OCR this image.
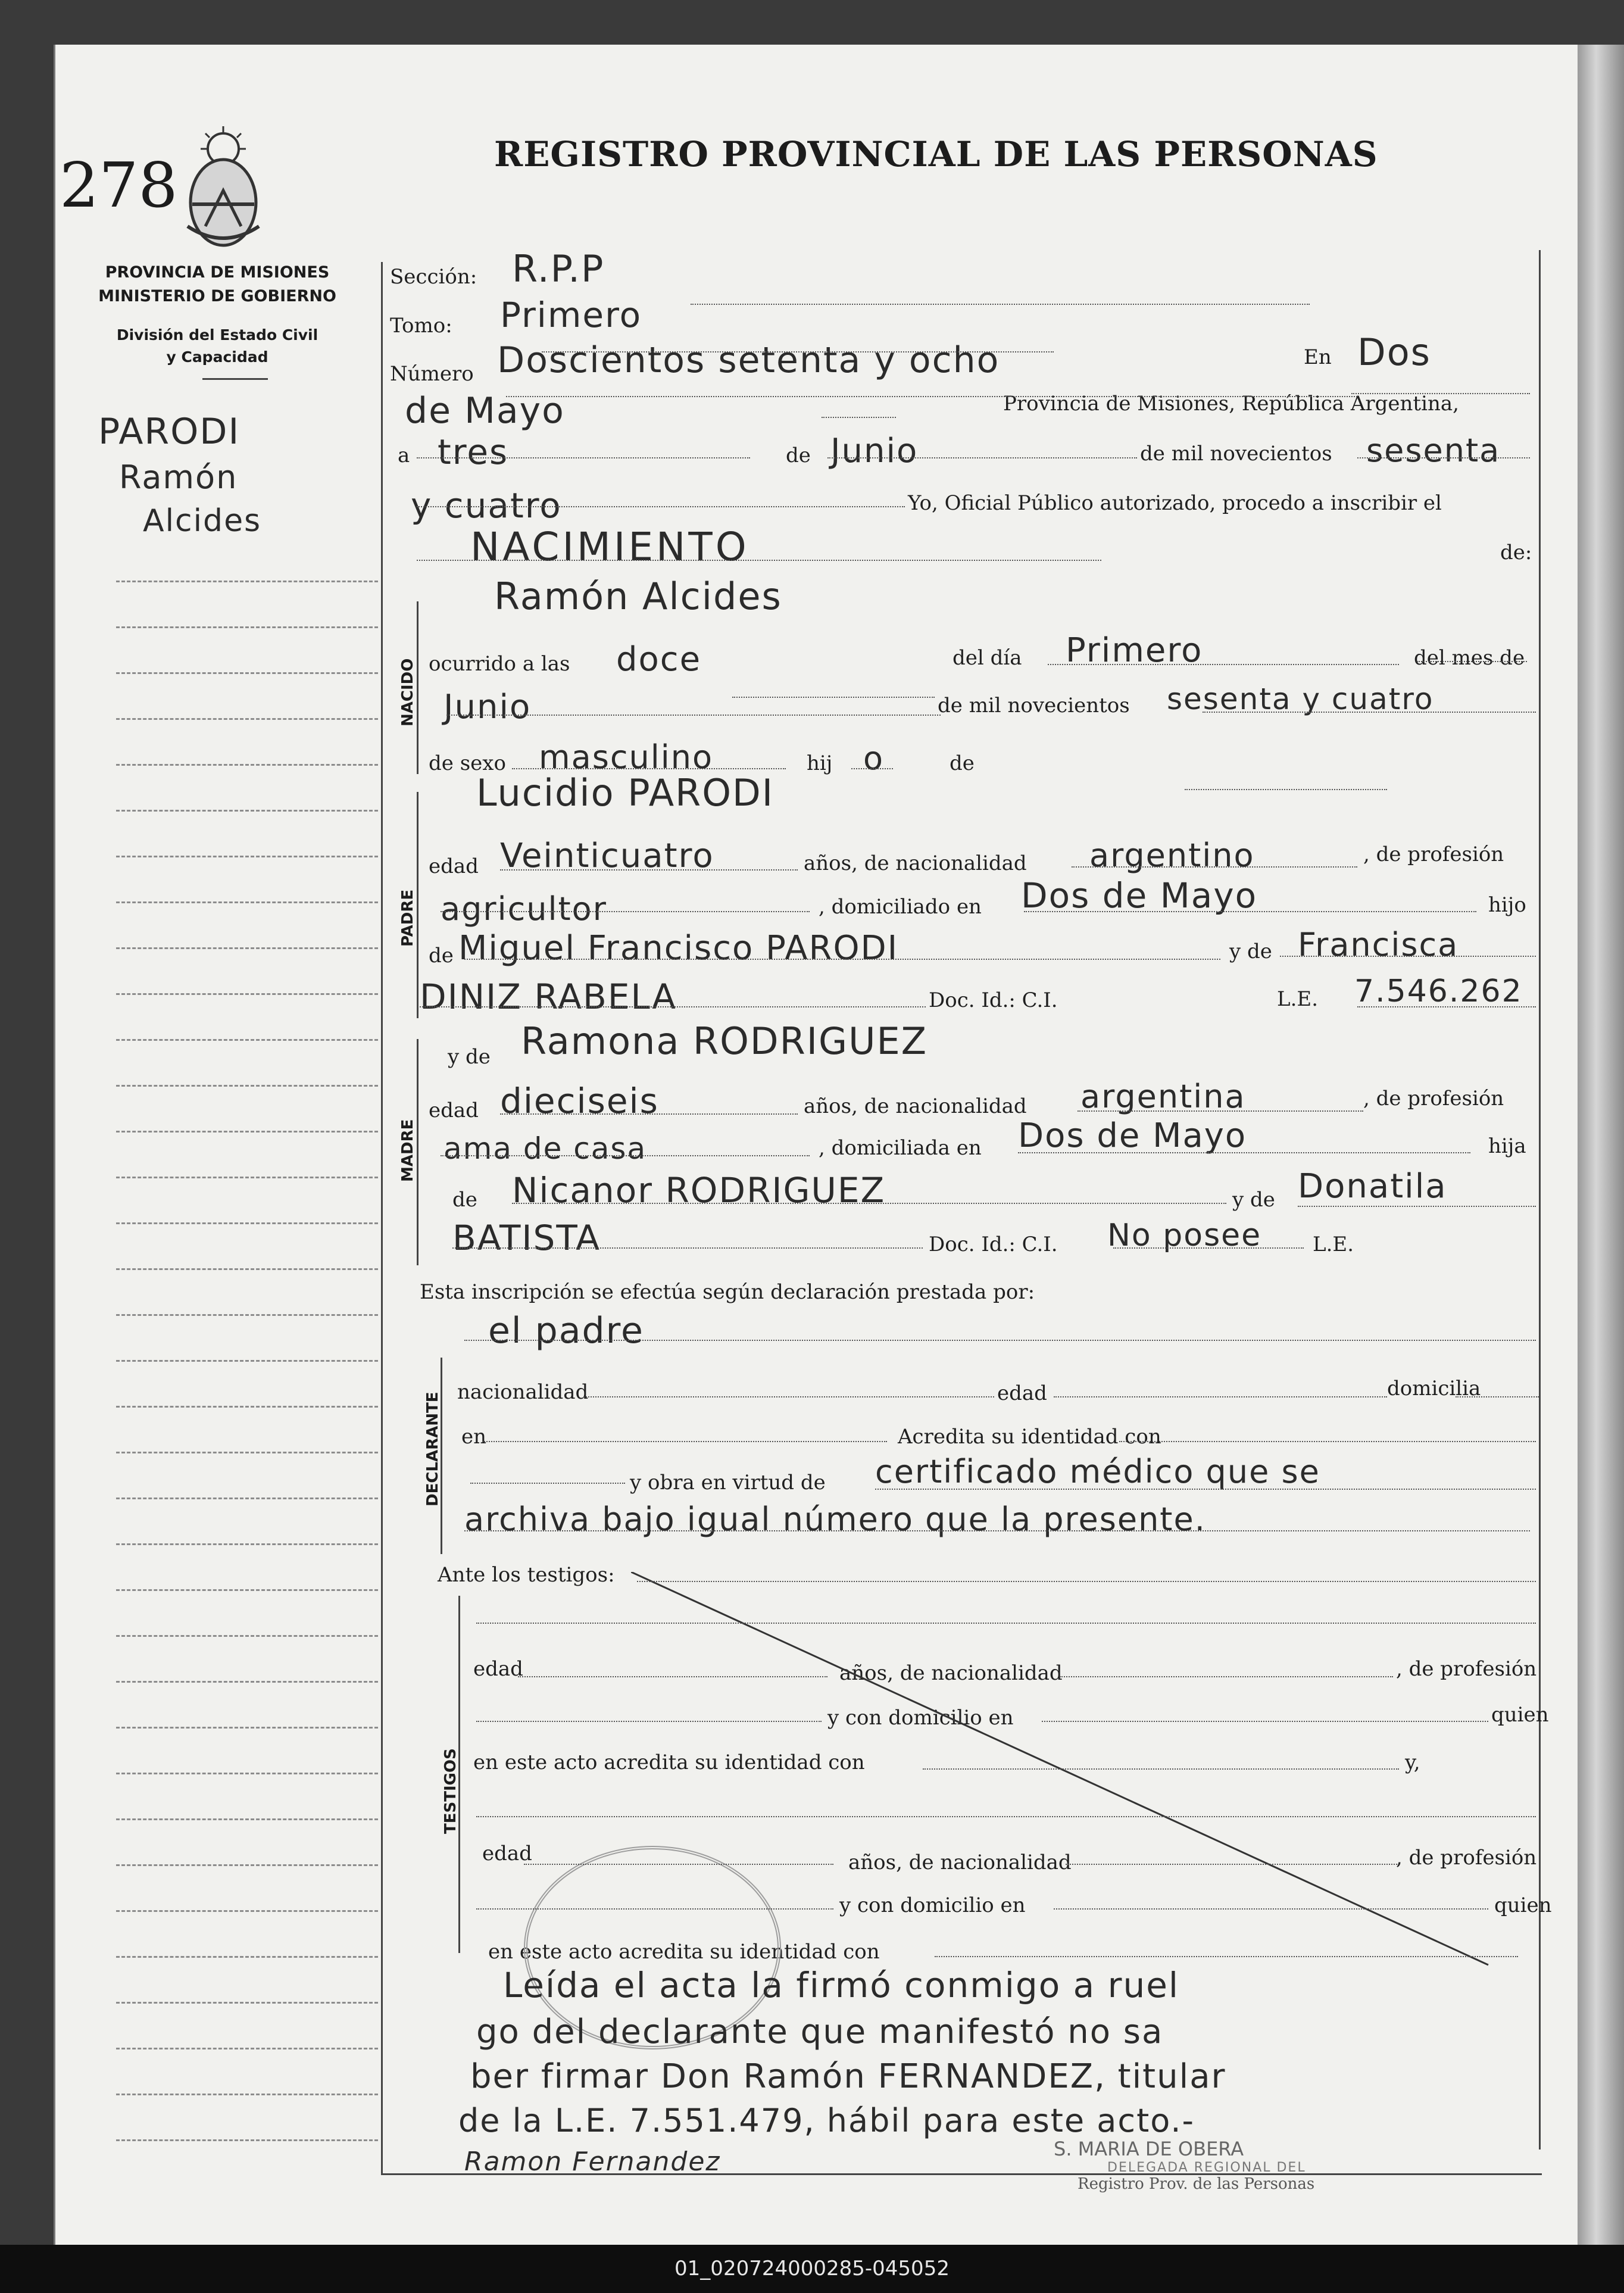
278	REGISTRO PROVINCIAL DE LAS PERSONAS
PROVINCIA DE MISIONES
MINISTERIO DE GOBIERNO
División del Estado Civil
y Capacidad
PARODI
Ramón
Alcides
NACIDO
PADRE
MADRE
DECLARANTE
TESTIGOS
Sección: R.P.P
Tomo: Primero
Número Doscientos setenta y ocho	En Dos
de Mayo	Provincia de Misiones, República Argentina,
a tres	de Junio	de mil novecientos sesenta
y cuatro	Yo, Oficial Público autorizado, procedo a inscribir el
NACIMIENTO	de:
Ramón Alcides
ocurrido a las doce	del día Primero	del mes de
Junio	de mil novecientos sesenta y cuatro
de sexo masculino	hij o	de
Lucidio PARODI
edad Veinticuatro	años, de nacionalidad argentino	, de profesión
agricultor	, domiciliado en Dos de Mayo	hijo
de Miguel Francisco PARODI	y de Francisca
DINIZ RABELA	Doc. Id.: C.I.	L.E. 7.546.262
y de Ramona RODRIGUEZ
edad dieciseis	años, de nacionalidad argentina	, de profesión
ama de casa	, domiciliada en Dos de Mayo	hija
de Nicanor RODRIGUEZ	y de Donatila
BATISTA	Doc. Id.: C.I. No posee	L.E.
Esta inscripción se efectúa según declaración prestada por:
el padre
nacionalidad	edad	domicilia
en	Acredita su identidad con
y obra en virtud de certificado médico que se
archiva bajo igual número que la presente.
Ante los testigos:
edad	años, de nacionalidad	, de profesión
y con domicilio en	quien
en este acto acredita su identidad con	y,
edad	años, de nacionalidad	, de profesión
y con domicilio en	quien
en este acto acredita su identidad con
Leída el acta la firmó conmigo a ruel
go del declarante que manifestó no sa
ber firmar Don Ramón FERNANDEZ, titular
de la L.E. 7.551.479, hábil para este acto.-
Ramon Fernandez	S. MARIA DE OBERA
DELEGADA REGIONAL DEL
Registro Prov. de las Personas
01_020724000285-045052
